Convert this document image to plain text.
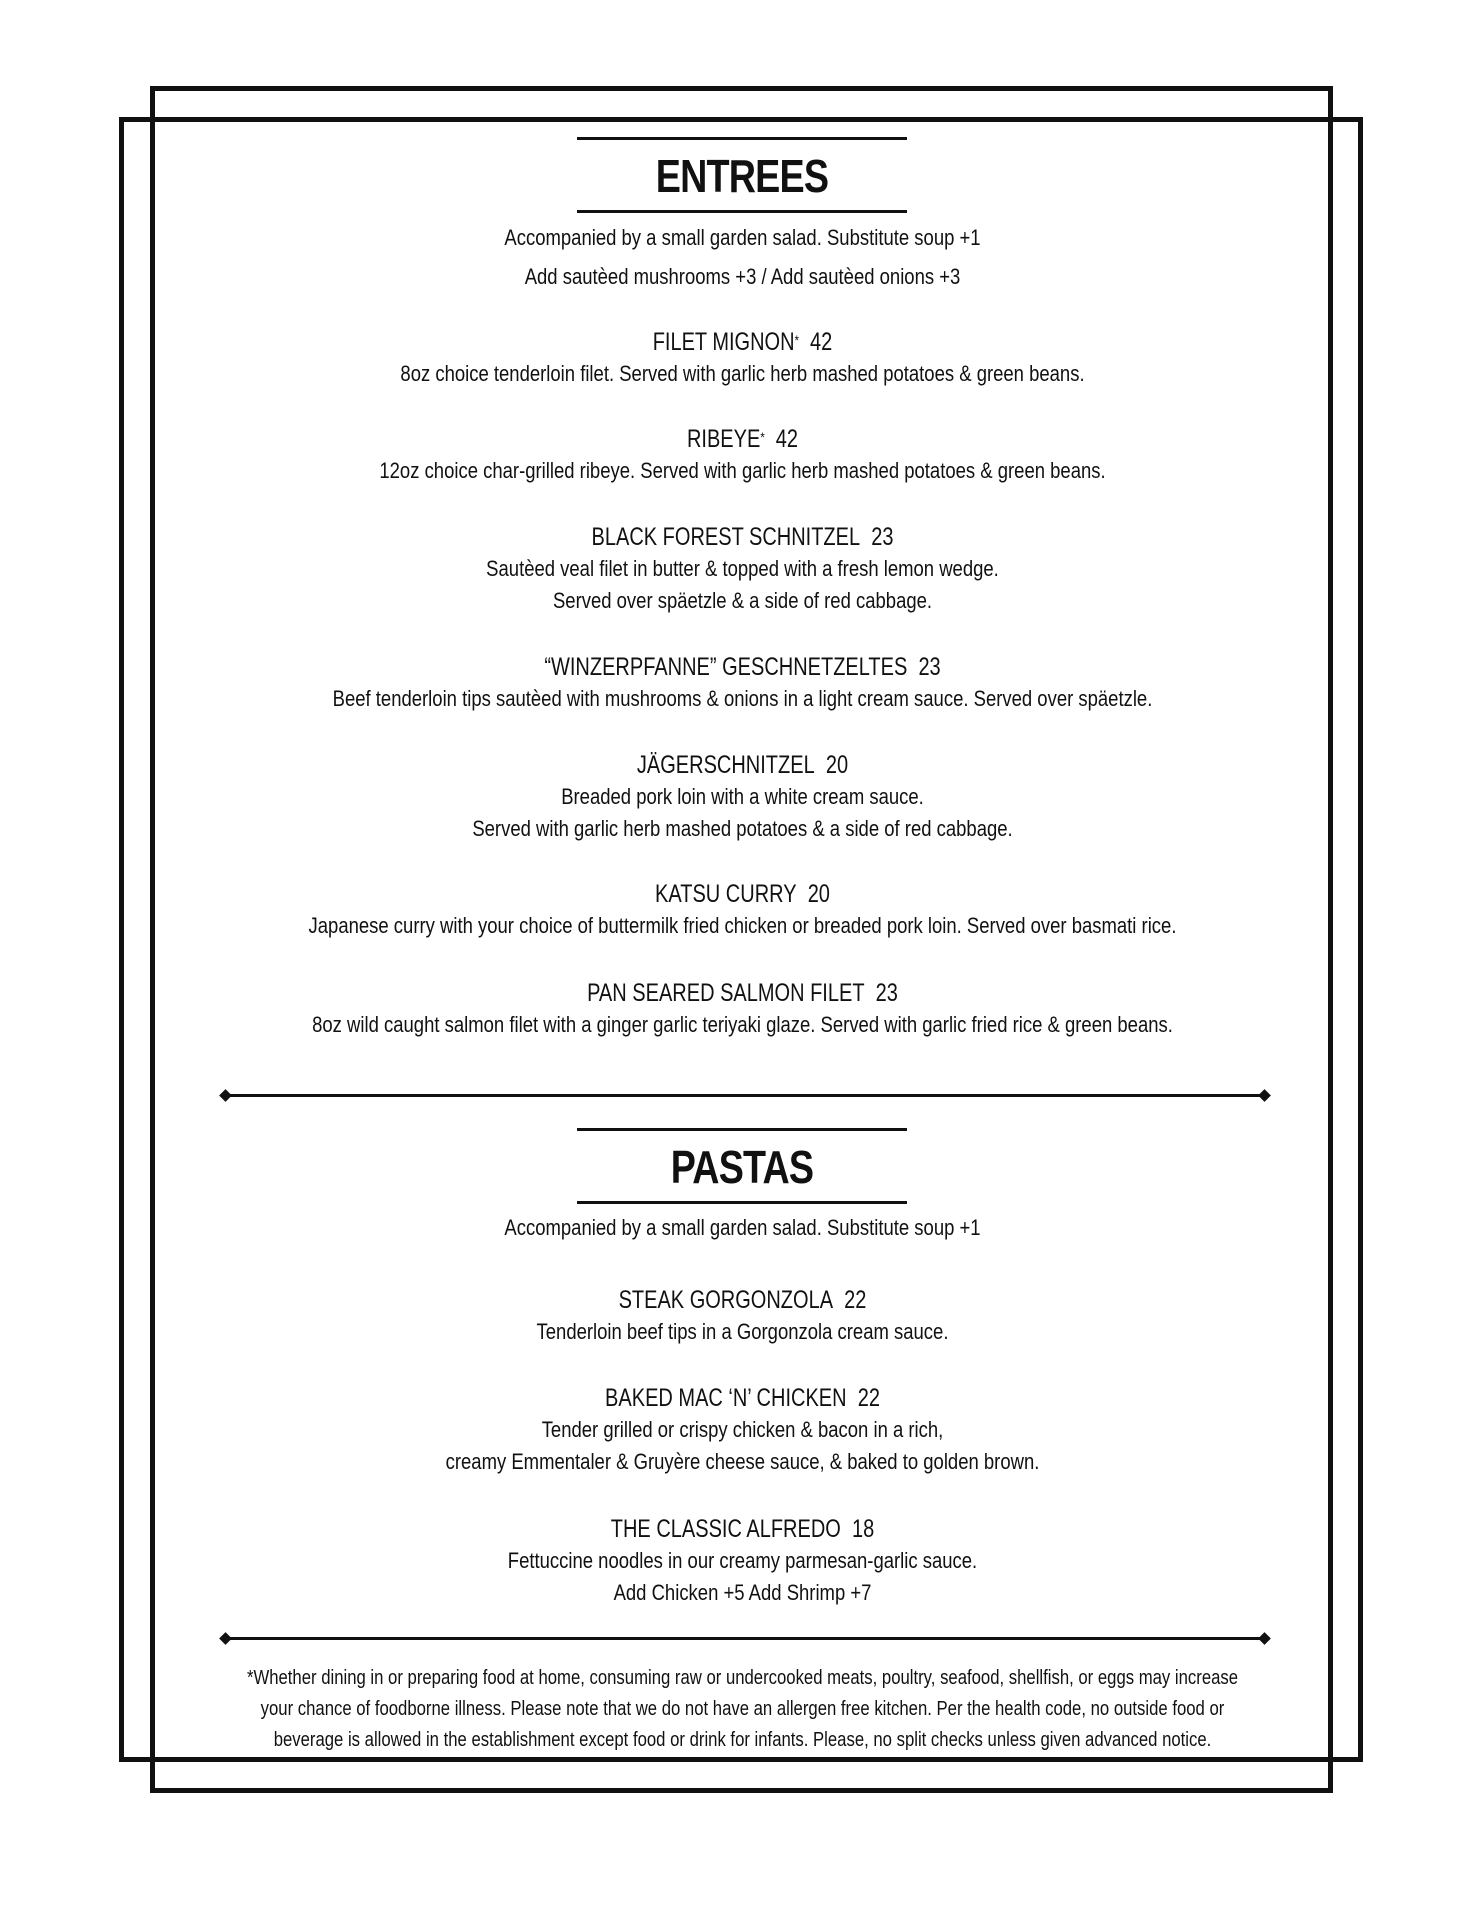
ENTREES
Accompanied by a small garden salad. Substitute soup +1
Add sautèed mushrooms +3 / Add sautèed onions +3
FILET MIGNON* 42
8oz choice tenderloin filet. Served with garlic herb mashed potatoes & green beans.
RIBEYE* 42
12oz choice char-grilled ribeye. Served with garlic herb mashed potatoes & green beans.
BLACK FOREST SCHNITZEL 23
Sautèed veal filet in butter & topped with a fresh lemon wedge.
Served over späetzle & a side of red cabbage.
“WINZERPFANNE” GESCHNETZELTES 23
Beef tenderloin tips sautèed with mushrooms & onions in a light cream sauce. Served over späetzle.
JÄGERSCHNITZEL 20
Breaded pork loin with a white cream sauce.
Served with garlic herb mashed potatoes & a side of red cabbage.
KATSU CURRY 20
Japanese curry with your choice of buttermilk fried chicken or breaded pork loin. Served over basmati rice.
PAN SEARED SALMON FILET 23
8oz wild caught salmon filet with a ginger garlic teriyaki glaze. Served with garlic fried rice & green beans.
PASTAS
Accompanied by a small garden salad. Substitute soup +1
STEAK GORGONZOLA 22
Tenderloin beef tips in a Gorgonzola cream sauce.
BAKED MAC ‘N’ CHICKEN 22
Tender grilled or crispy chicken & bacon in a rich,
creamy Emmentaler & Gruyère cheese sauce, & baked to golden brown.
THE CLASSIC ALFREDO 18
Fettuccine noodles in our creamy parmesan-garlic sauce.
Add Chicken +5 Add Shrimp +7
*Whether dining in or preparing food at home, consuming raw or undercooked meats, poultry, seafood, shellfish, or eggs may increase
your chance of foodborne illness. Please note that we do not have an allergen free kitchen. Per the health code, no outside food or
beverage is allowed in the establishment except food or drink for infants. Please, no split checks unless given advanced notice.
